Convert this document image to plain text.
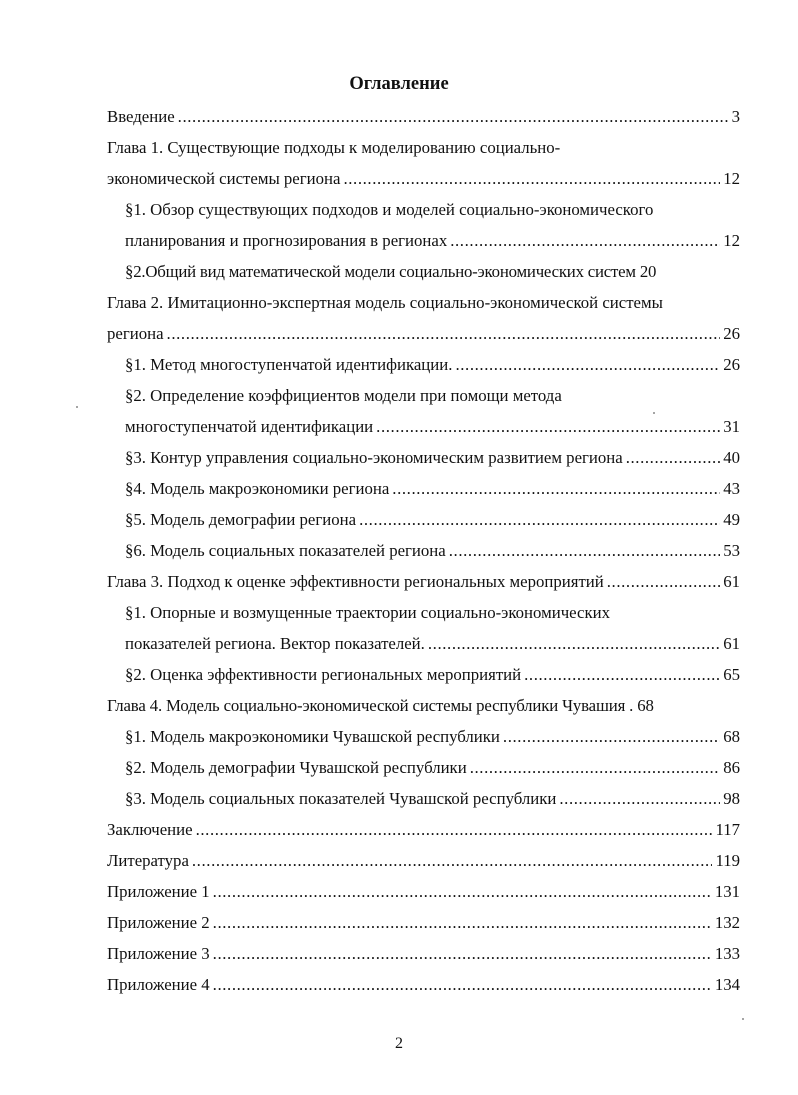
Оглавление
Введение .....	3
Глава 1. Существующие подходы к моделированию социально-
экономической системы региона .....	12
§1. Обзор существующих подходов и моделей социально-экономического
планирования и прогнозирования в регионах .....	12
§2.Общий вид математической модели социально-экономических систем 20
Глава 2. Имитационно-экспертная модель социально-экономической системы
региона .....	26
§1. Метод многоступенчатой идентификации. .....	26
§2. Определение коэффициентов модели при помощи метода
многоступенчатой идентификации .....	31
§3. Контур управления социально-экономическим развитием региона .....	40
§4. Модель макроэкономики региона .....	43
§5. Модель демографии региона .....	49
§6. Модель социальных показателей региона .....	53
Глава 3. Подход к оценке эффективности региональных мероприятий .....	61
§1. Опорные и возмущенные траектории социально-экономических
показателей региона. Вектор показателей. .....	61
§2. Оценка эффективности региональных мероприятий .....	65
Глава 4. Модель социально-экономической системы республики Чувашия . 68
§1. Модель макроэкономики Чувашской республики .....	68
§2. Модель демографии Чувашской республики .....	86
§3. Модель социальных показателей Чувашской республики .....	98
Заключение .....	117
Литература .....	119
Приложение 1 .....	131
Приложение 2 .....	132
Приложение 3 .....	133
Приложение 4 .....	134
2
